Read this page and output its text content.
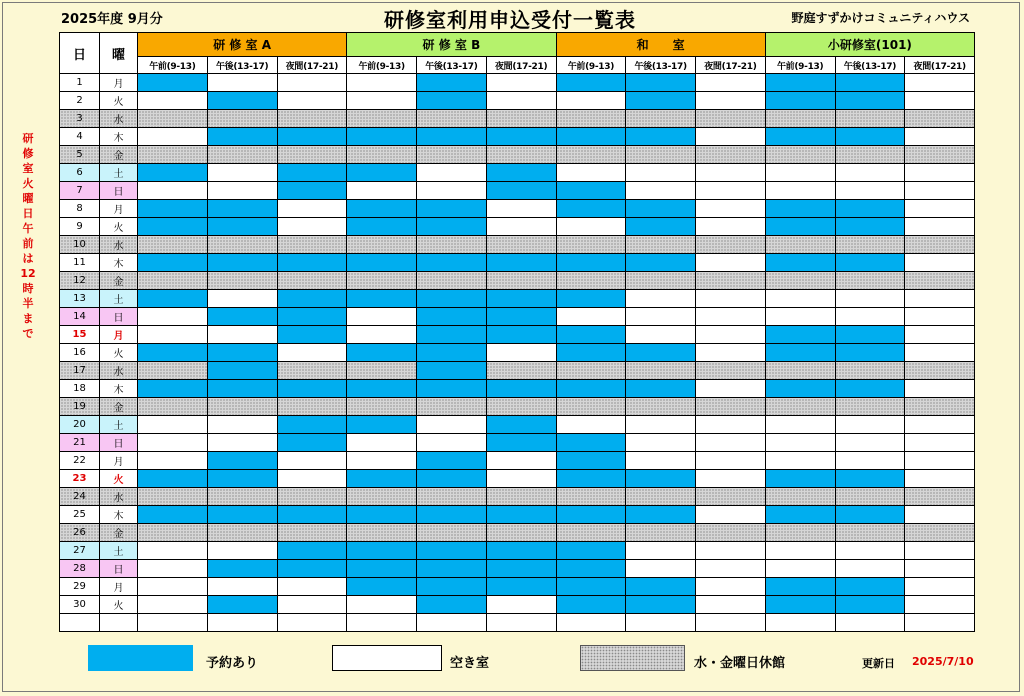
2025年度 9月分	研修室利用申込受付一覧表	野庭すずかけコミュニティハウス
研
修
室
火
曜
日
午
前
は
12
時
半
ま
で
日	曜	研 修 室 A			研 修 室 B			和　　室			小研修室(101)		
		午前(9-13)	午後(13-17)	夜間(17-21)	午前(9-13)	午後(13-17)	夜間(17-21)	午前(9-13)	午後(13-17)	夜間(17-21)	午前(9-13)	午後(13-17)	夜間(17-21)
1	月												
2	火												
3	水												
4	木												
5	金												
6	土												
7	日												
8	月												
9	火												
10	水												
11	木												
12	金												
13	土												
14	日												
15	月												
16	火												
17	水												
18	木												
19	金												
20	土												
21	日												
22	月												
23	火												
24	水												
25	木												
26	金												
27	土												
28	日												
29	月												
30	火												

予約あり	空き室	水・金曜日休館	更新日 2025/7/10
